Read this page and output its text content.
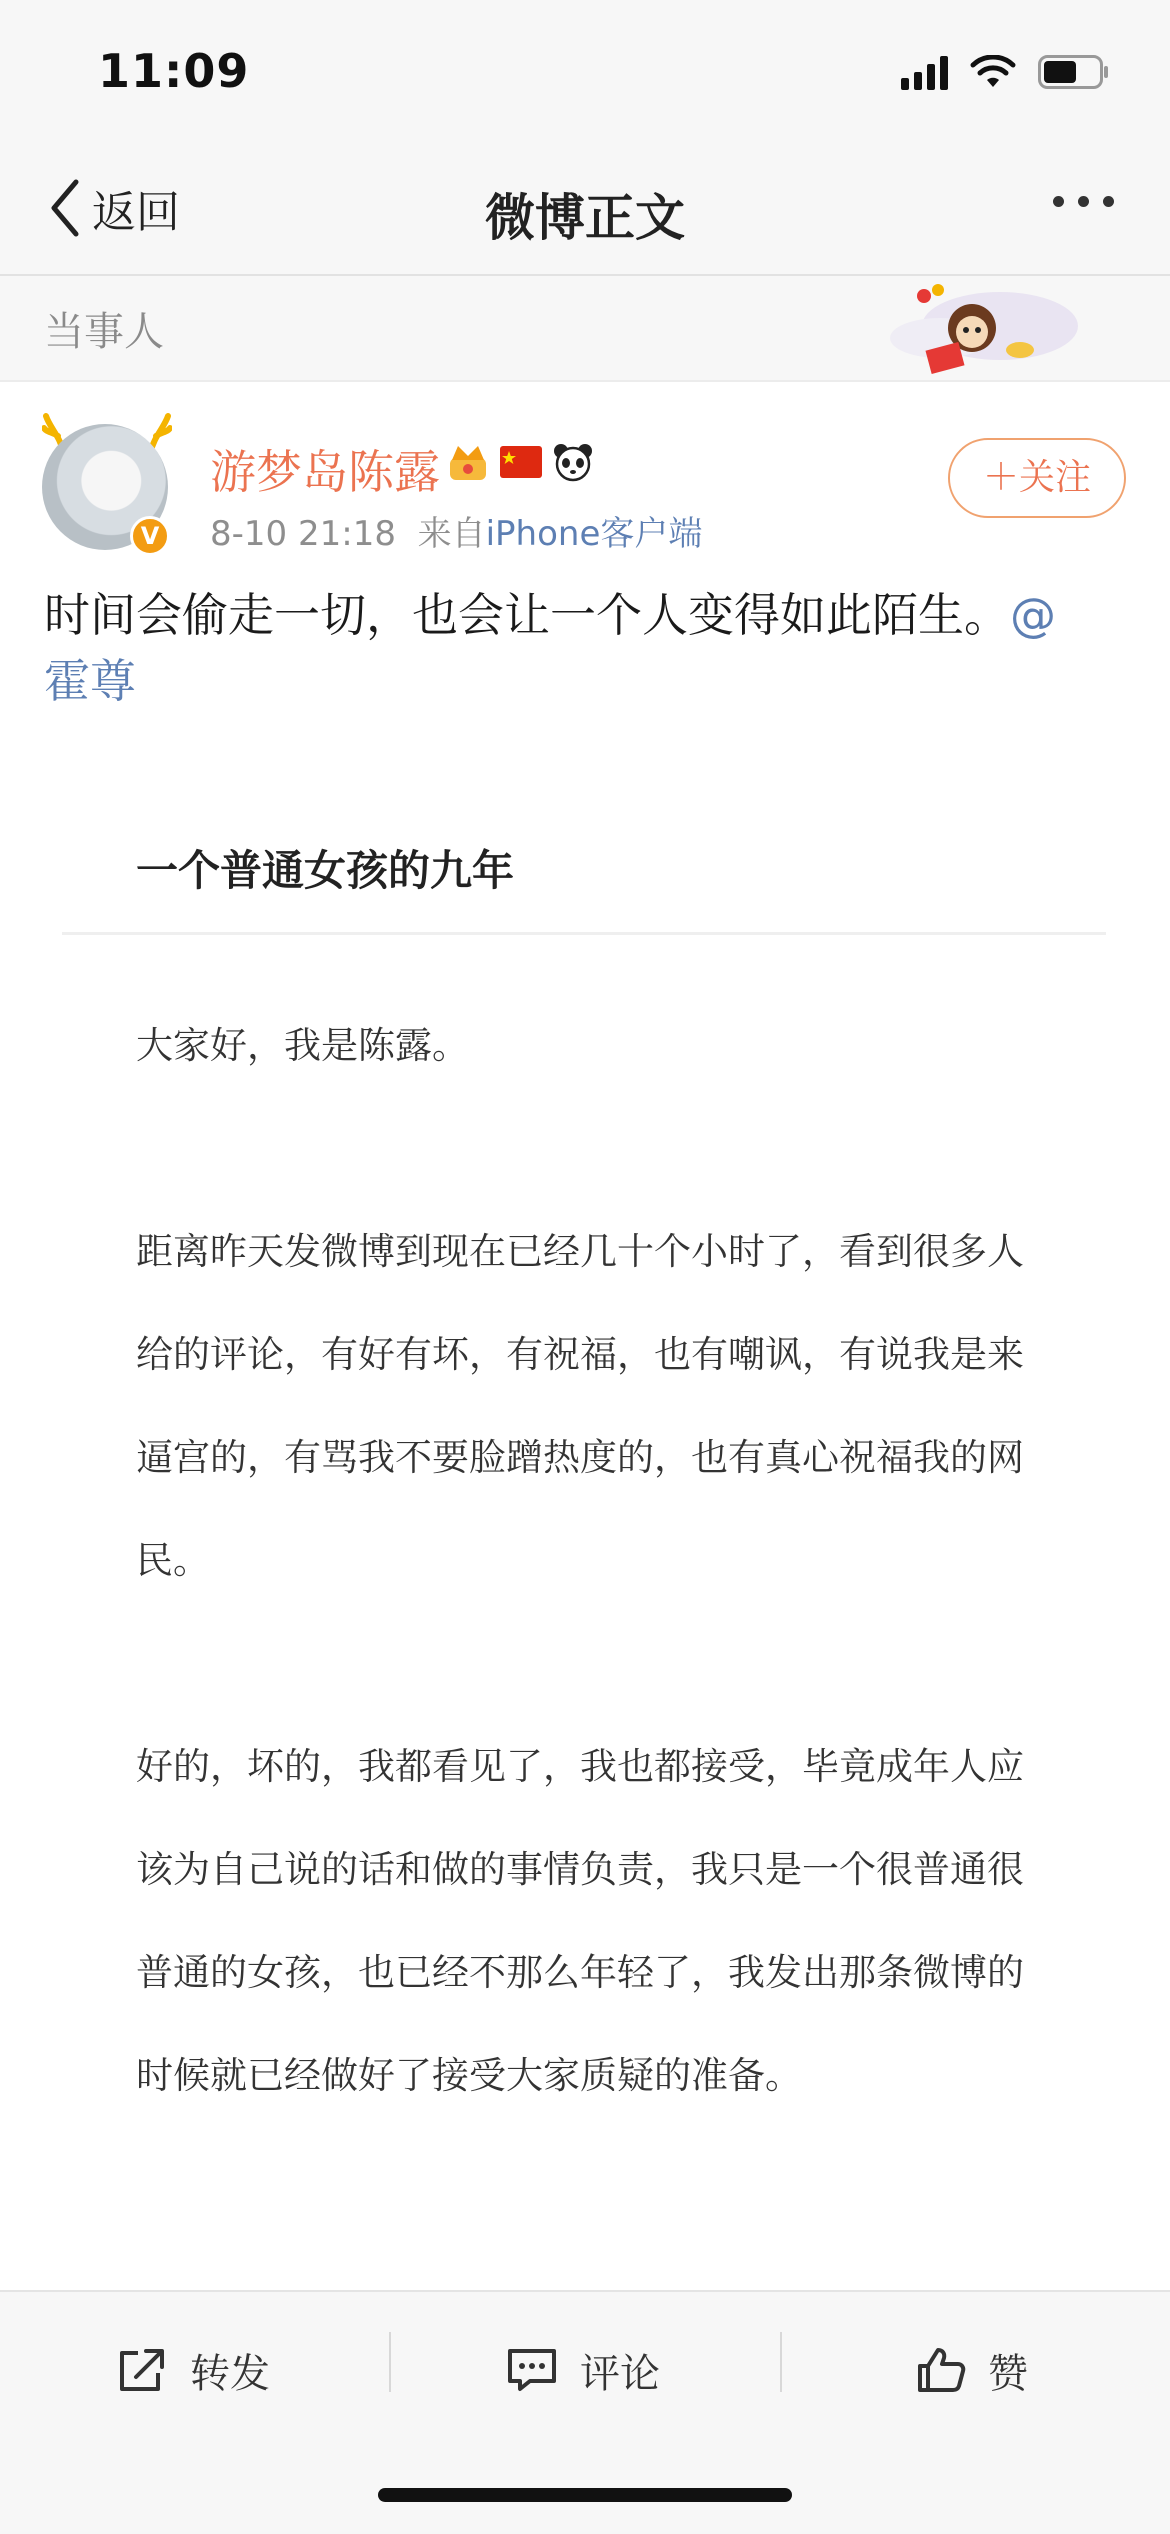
11:09
返回	微博正文
当事人
V
游梦岛陈露
8-10 21:18 来自iPhone客户端
＋关注
时间会偷走一切，也会让一个人变得如此陌生。@
霍尊
一个普通女孩的九年

大家好，我是陈露。

距离昨天发微博到现在已经几十个小时了，看到很多人给的评论，有好有坏，有祝福，也有嘲讽，有说我是来逼宫的，有骂我不要脸蹭热度的，也有真心祝福我的网民。

好的，坏的，我都看见了，我也都接受，毕竟成年人应该为自己说的话和做的事情负责，我只是一个很普通很普通的女孩，也已经不那么年轻了，我发出那条微博的时候就已经做好了接受大家质疑的准备。

转发	评论	赞
